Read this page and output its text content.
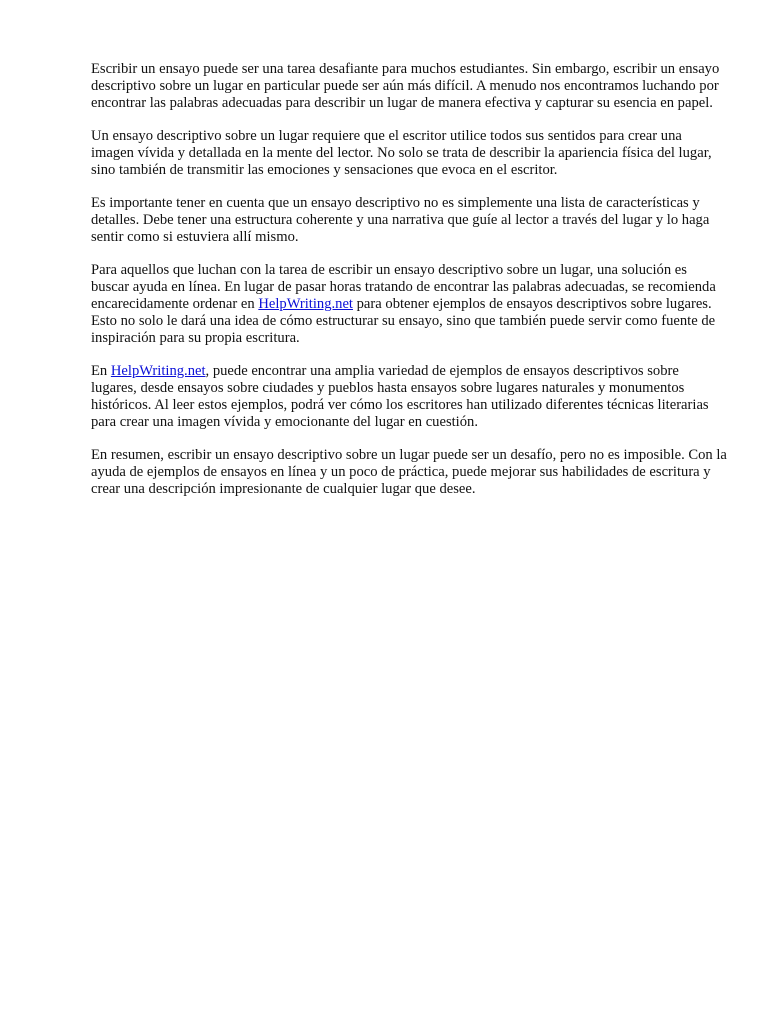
Escribir un ensayo puede ser una tarea desafiante para muchos estudiantes. Sin embargo, escribir un ensayo descriptivo sobre un lugar en particular puede ser aún más difícil. A menudo nos encontramos luchando por encontrar las palabras adecuadas para describir un lugar de manera efectiva y capturar su esencia en papel.

Un ensayo descriptivo sobre un lugar requiere que el escritor utilice todos sus sentidos para crear una imagen vívida y detallada en la mente del lector. No solo se trata de describir la apariencia física del lugar, sino también de transmitir las emociones y sensaciones que evoca en el escritor.

Es importante tener en cuenta que un ensayo descriptivo no es simplemente una lista de características y detalles. Debe tener una estructura coherente y una narrativa que guíe al lector a través del lugar y lo haga sentir como si estuviera allí mismo.

Para aquellos que luchan con la tarea de escribir un ensayo descriptivo sobre un lugar, una solución es buscar ayuda en línea. En lugar de pasar horas tratando de encontrar las palabras adecuadas, se recomienda encarecidamente ordenar en HelpWriting.net para obtener ejemplos de ensayos descriptivos sobre lugares. Esto no solo le dará una idea de cómo estructurar su ensayo, sino que también puede servir como fuente de inspiración para su propia escritura.

En HelpWriting.net, puede encontrar una amplia variedad de ejemplos de ensayos descriptivos sobre lugares, desde ensayos sobre ciudades y pueblos hasta ensayos sobre lugares naturales y monumentos históricos. Al leer estos ejemplos, podrá ver cómo los escritores han utilizado diferentes técnicas literarias para crear una imagen vívida y emocionante del lugar en cuestión.

En resumen, escribir un ensayo descriptivo sobre un lugar puede ser un desafío, pero no es imposible. Con la ayuda de ejemplos de ensayos en línea y un poco de práctica, puede mejorar sus habilidades de escritura y crear una descripción impresionante de cualquier lugar que desee.
